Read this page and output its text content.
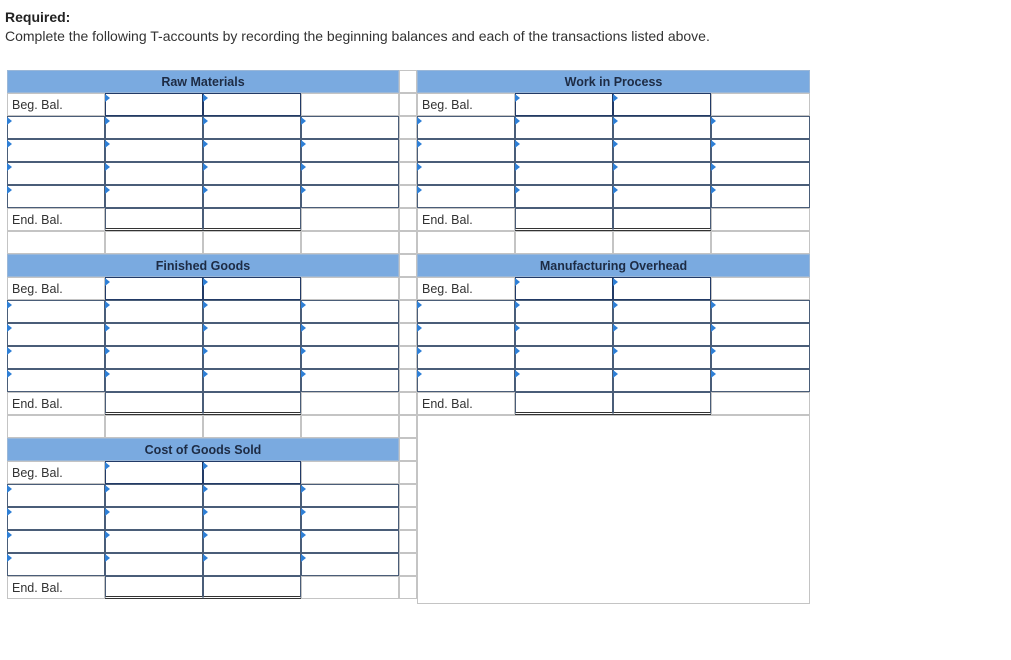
Required:
Complete the following T-accounts by recording the beginning balances and each of the transactions listed above.
Raw Materials
Beg. Bal.
End. Bal.
Work in Process
Beg. Bal.
End. Bal.
Finished Goods
Beg. Bal.
End. Bal.
Manufacturing Overhead
Beg. Bal.
End. Bal.
Cost of Goods Sold
Beg. Bal.
End. Bal.
